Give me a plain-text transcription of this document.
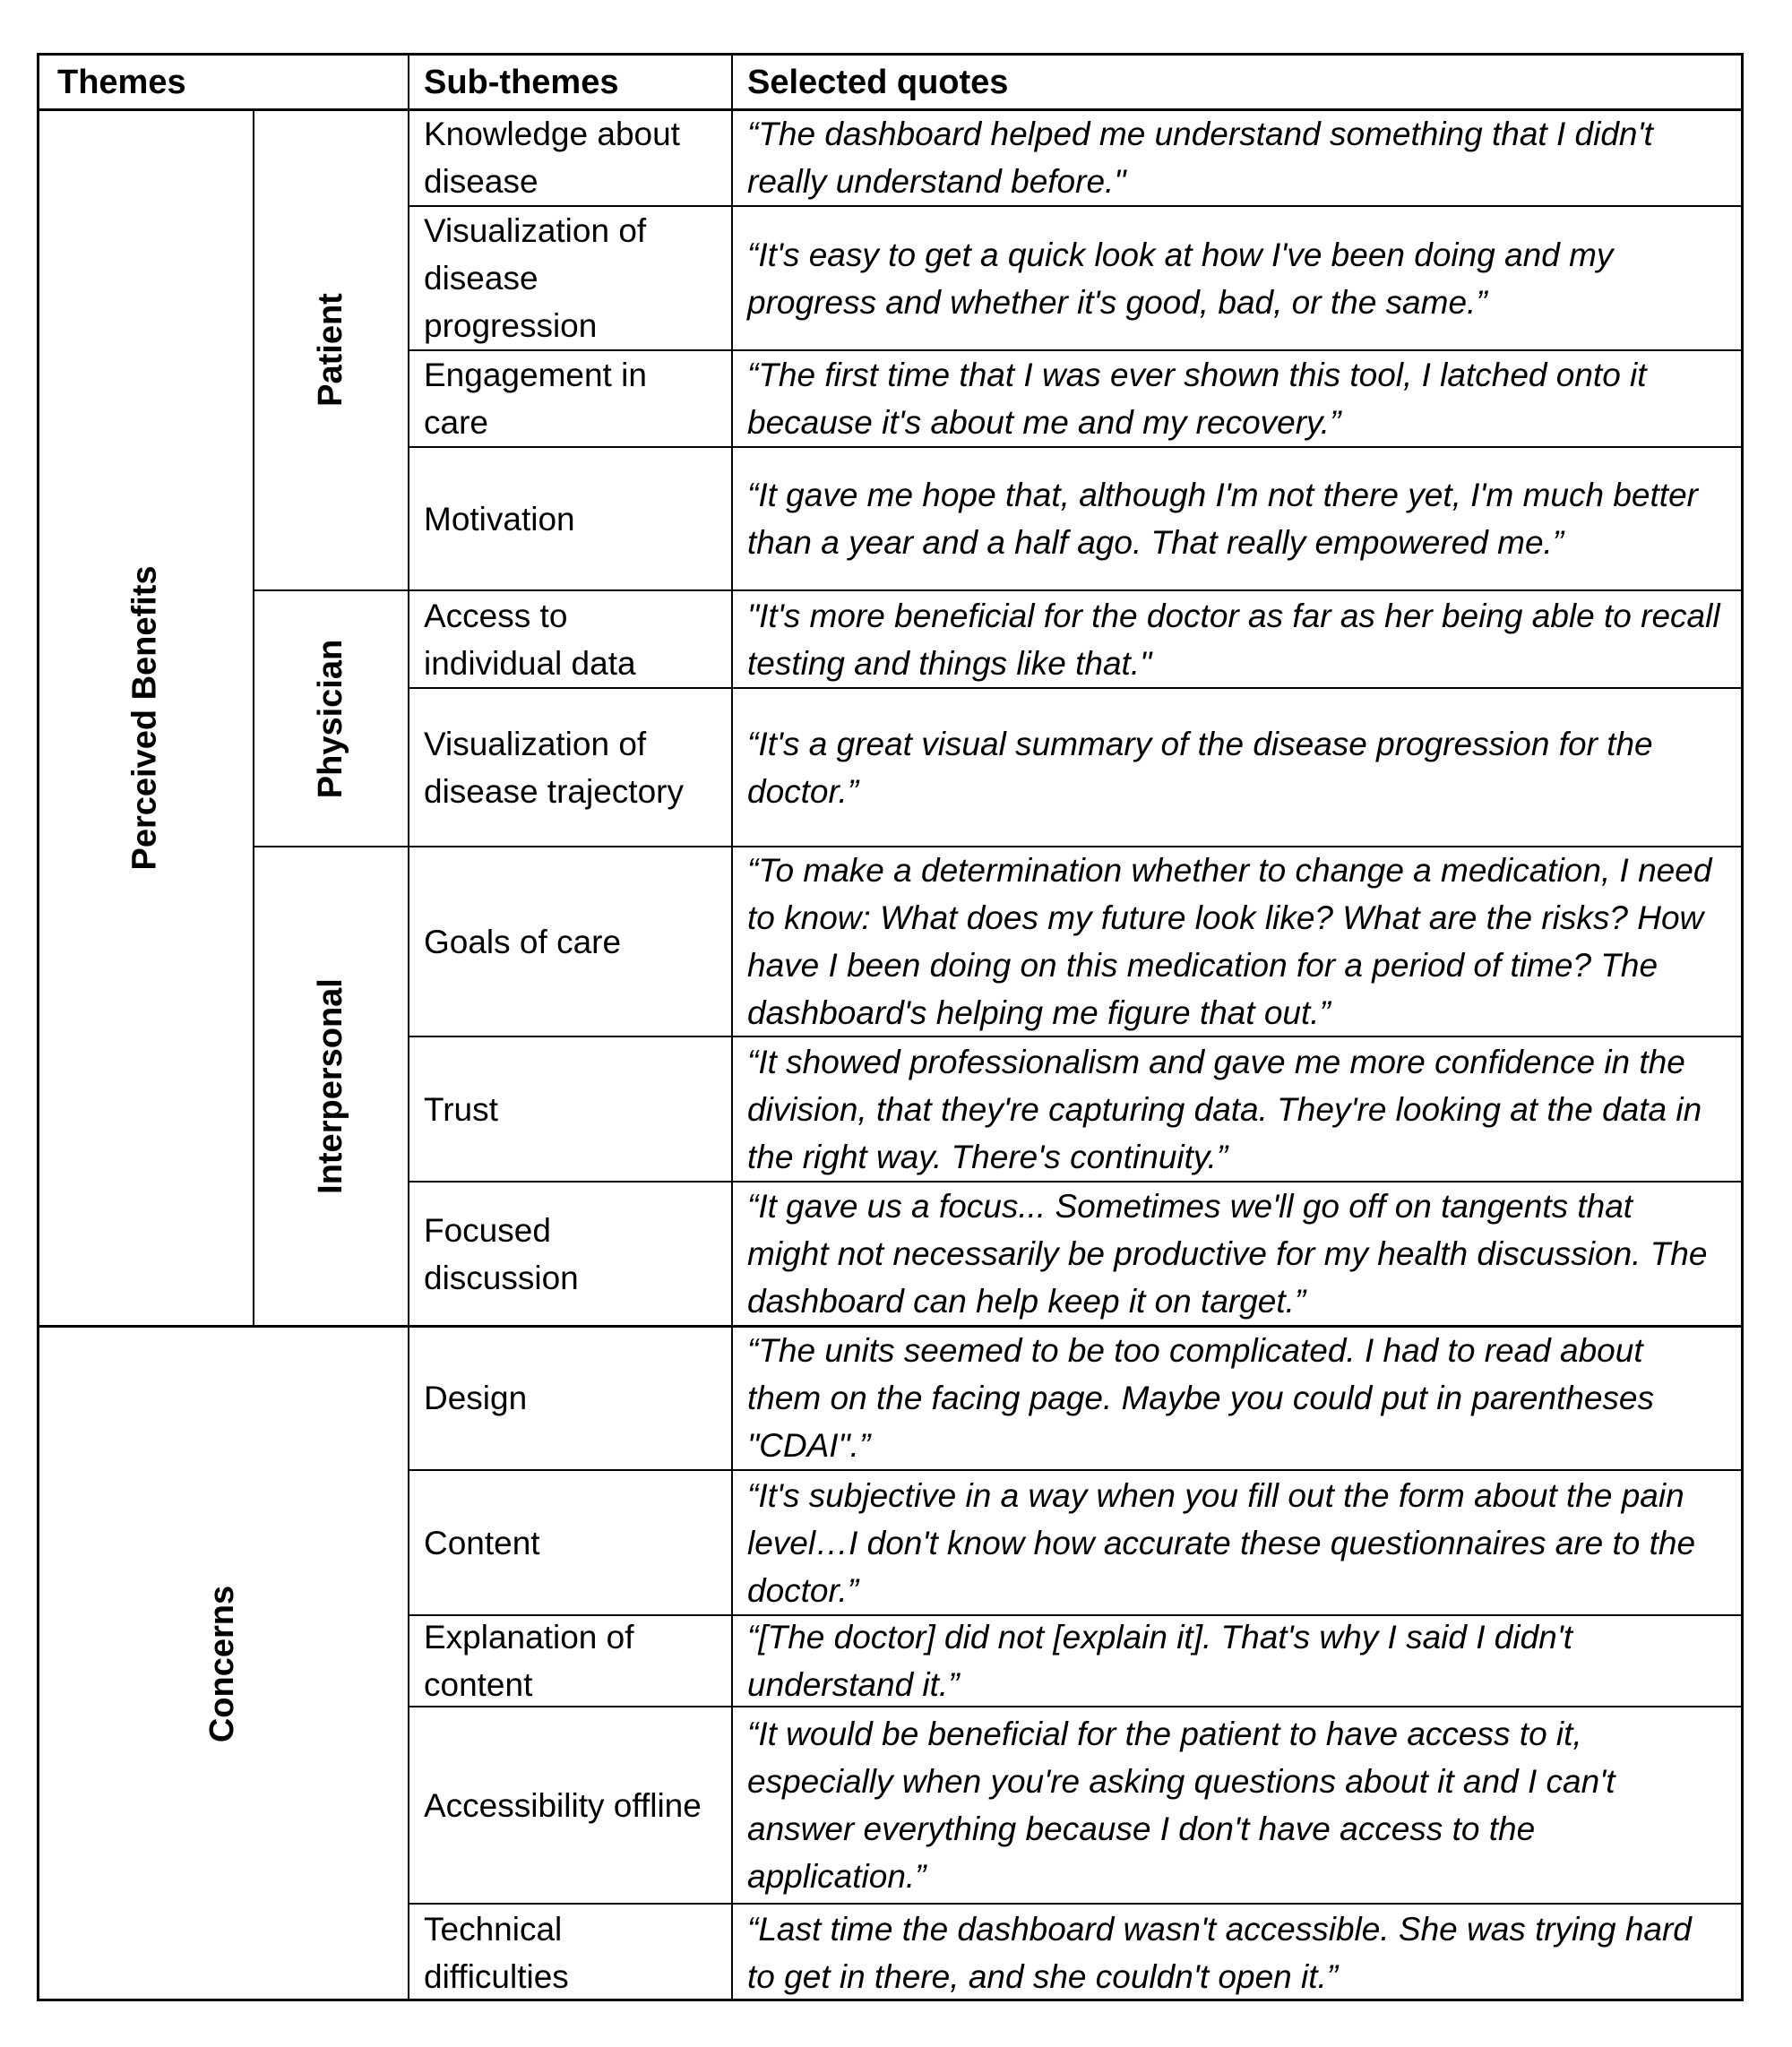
Themes	Sub-themes	Selected quotes
Perceived Benefits
Patient
Physician
Interpersonal
Concerns
Knowledge about disease
“The dashboard helped me understand something that I didn't really understand before."
Visualization of disease progression
“It's easy to get a quick look at how I've been doing and my progress and whether it's good, bad, or the same.”
Engagement in care
“The first time that I was ever shown this tool, I latched onto it because it's about me and my recovery.”
Motivation
“It gave me hope that, although I'm not there yet, I'm much better than a year and a half ago. That really empowered me.”
Access to individual data
"It's more beneficial for the doctor as far as her being able to recall testing and things like that."
Visualization of disease trajectory
“It's a great visual summary of the disease progression for the doctor.”
Goals of care
“To make a determination whether to change a medication, I need to know: What does my future look like? What are the risks? How have I been doing on this medication for a period of time? The dashboard's helping me figure that out.”
Trust
“It showed professionalism and gave me more confidence in the division, that they're capturing data. They're looking at the data in the right way. There's continuity.”
Focused discussion
“It gave us a focus... Sometimes we'll go off on tangents that might not necessarily be productive for my health discussion. The dashboard can help keep it on target.”
Design
“The units seemed to be too complicated. I had to read about them on the facing page. Maybe you could put in parentheses "CDAI".”
Content
“It's subjective in a way when you fill out the form about the pain level…I don't know how accurate these questionnaires are to the doctor.”
Explanation of content
“[The doctor] did not [explain it]. That's why I said I didn't understand it.”
Accessibility offline
“It would be beneficial for the patient to have access to it, especially when you're asking questions about it and I can't answer everything because I don't have access to the application.”
Technical difficulties
“Last time the dashboard wasn't accessible. She was trying hard to get in there, and she couldn't open it.”
